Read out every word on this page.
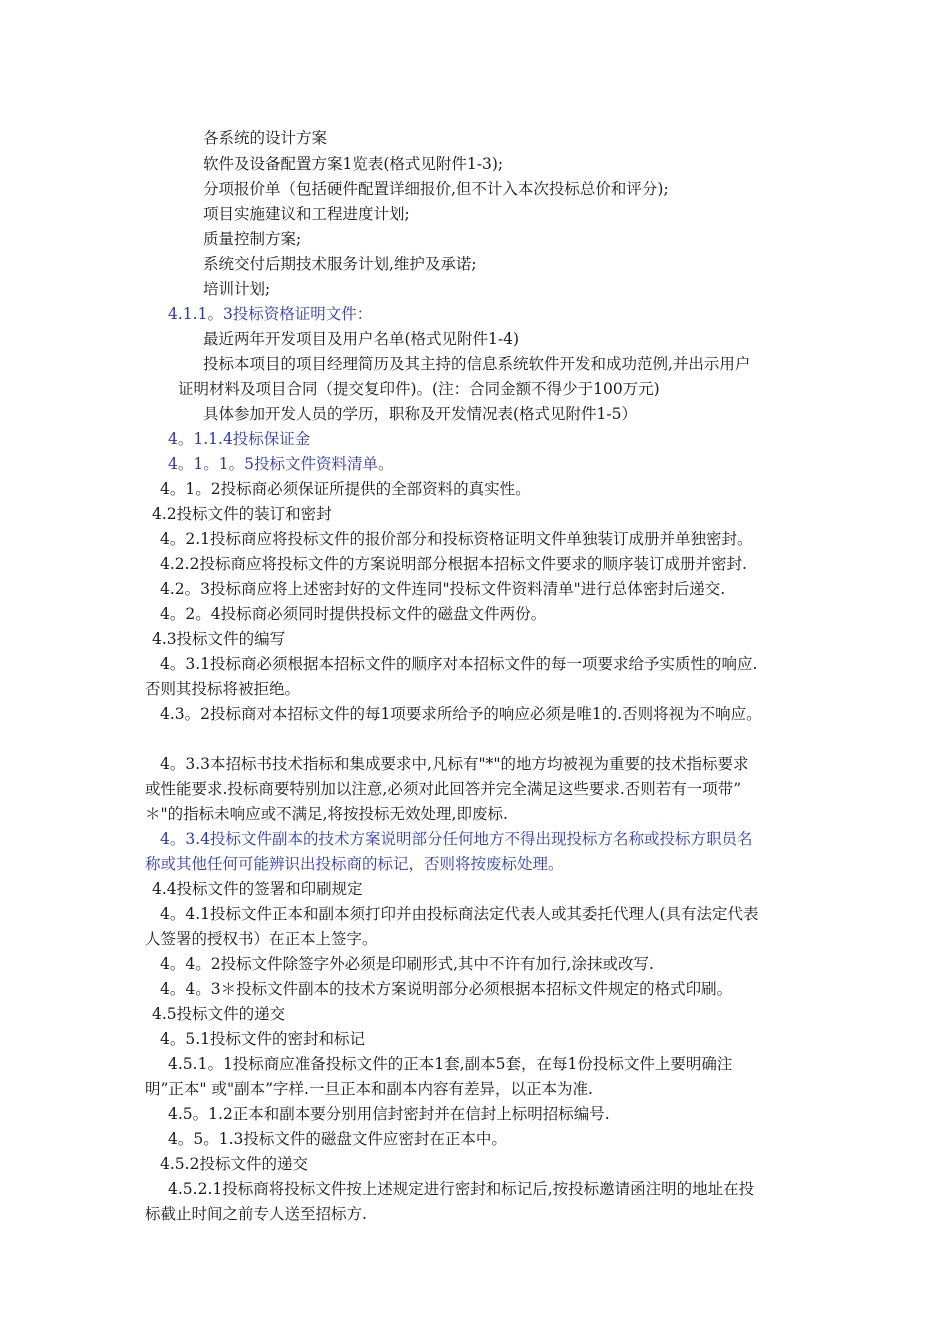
各系统的设计方案
软件及设备配置方案1览表(格式见附件1-3);
分项报价单（包括硬件配置详细报价,但不计入本次投标总价和评分);
项目实施建议和工程进度计划;
质量控制方案;
系统交付后期技术服务计划,维护及承诺;
培训计划;
4.1.1。3投标资格证明文件：
最近两年开发项目及用户名单(格式见附件1-4)
投标本项目的项目经理简历及其主持的信息系统软件开发和成功范例,并出示用户
证明材料及项目合同（提交复印件)。(注：合同金额不得少于100万元)
具体参加开发人员的学历，职称及开发情况表(格式见附件1-5）
4。1.1.4投标保证金
4。1。1。5投标文件资料清单。
4。1。2投标商必须保证所提供的全部资料的真实性。
4.2投标文件的装订和密封
4。2.1投标商应将投标文件的报价部分和投标资格证明文件单独装订成册并单独密封。
4.2.2投标商应将投标文件的方案说明部分根据本招标文件要求的顺序装订成册并密封.
4.2。3投标商应将上述密封好的文件连同"投标文件资料清单"进行总体密封后递交.
4。2。4投标商必须同时提供投标文件的磁盘文件两份。
4.3投标文件的编写
4。3.1投标商必须根据本招标文件的顺序对本招标文件的每一项要求给予实质性的响应.
否则其投标将被拒绝。
4.3。2投标商对本招标文件的每1项要求所给予的响应必须是唯1的.否则将视为不响应。
4。3.3本招标书技术指标和集成要求中,凡标有"*"的地方均被视为重要的技术指标要求
或性能要求.投标商要特别加以注意,必须对此回答并完全满足这些要求.否则若有一项带”
＊"的指标未响应或不满足,将按投标无效处理,即废标.
4。3.4投标文件副本的技术方案说明部分任何地方不得出现投标方名称或投标方职员名
称或其他任何可能辨识出投标商的标记，否则将按废标处理。
4.4投标文件的签署和印刷规定
4。4.1投标文件正本和副本须打印并由投标商法定代表人或其委托代理人(具有法定代表
人签署的授权书）在正本上签字。
4。4。2投标文件除签字外必须是印刷形式,其中不许有加行,涂抹或改写.
4。4。3＊投标文件副本的技术方案说明部分必须根据本招标文件规定的格式印刷。
4.5投标文件的递交
4。5.1投标文件的密封和标记
4.5.1。1投标商应准备投标文件的正本1套,副本5套，在每1份投标文件上要明确注
明”正本" 或"副本”字样.一旦正本和副本内容有差异，以正本为准.
4.5。1.2正本和副本要分别用信封密封并在信封上标明招标编号.
4。5。1.3投标文件的磁盘文件应密封在正本中。
4.5.2投标文件的递交
4.5.2.1投标商将投标文件按上述规定进行密封和标记后,按投标邀请函注明的地址在投
标截止时间之前专人送至招标方.
